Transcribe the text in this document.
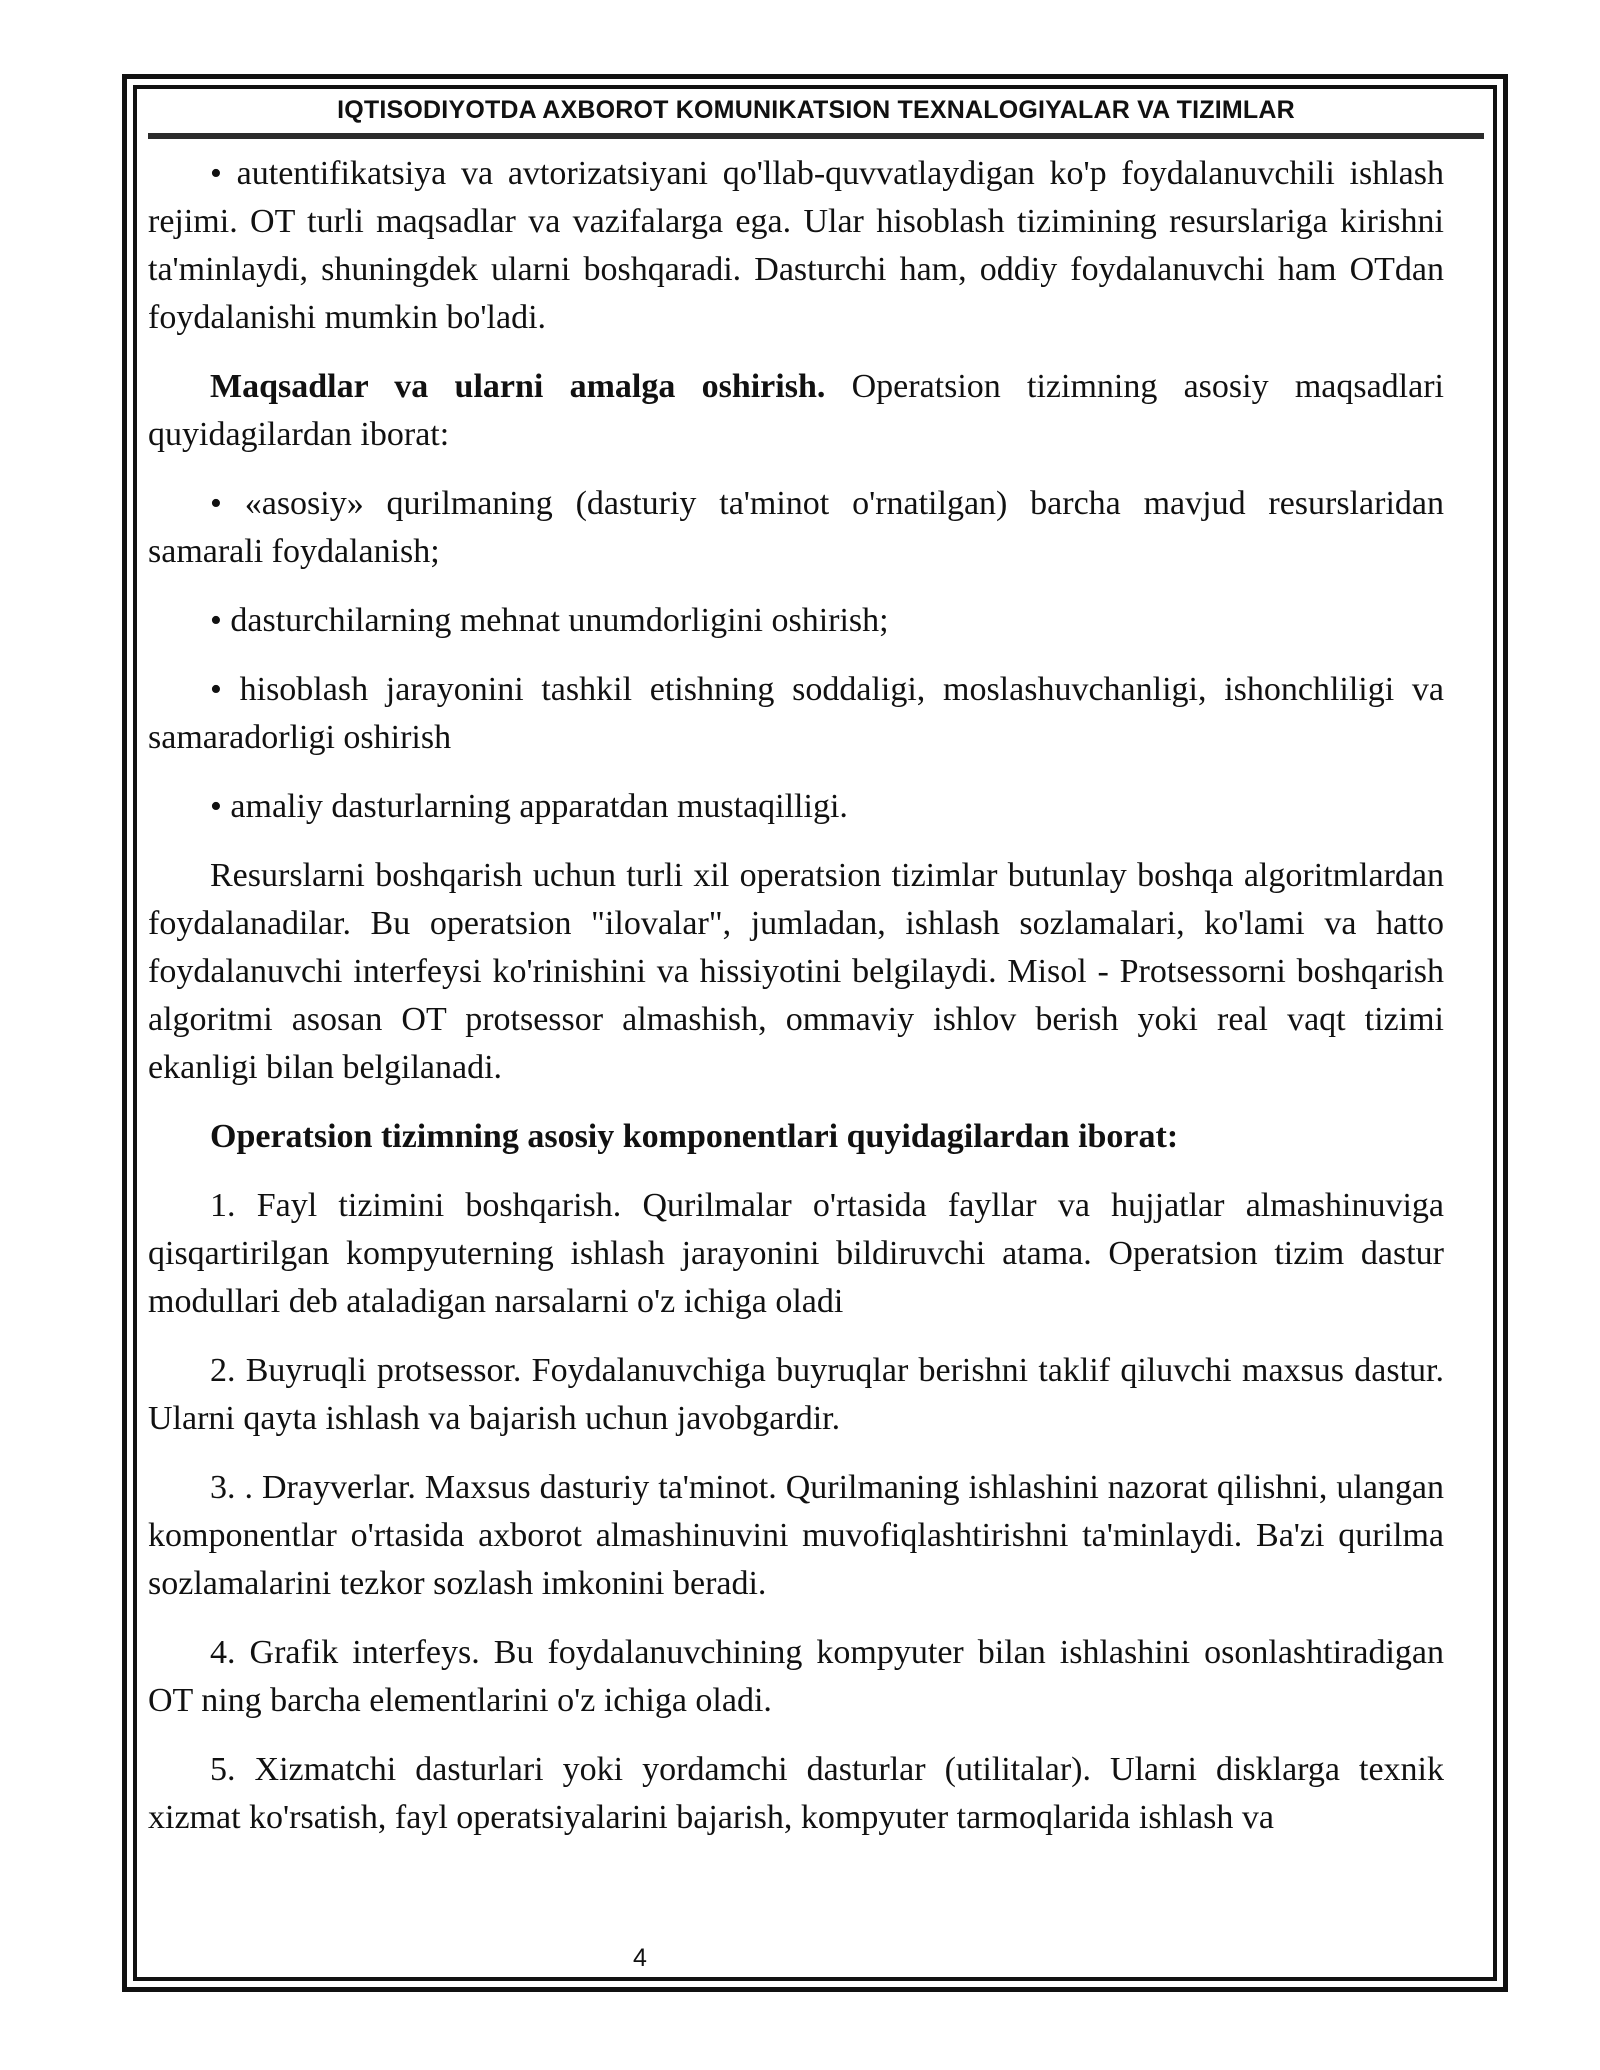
IQTISODIYOTDA AXBOROT KOMUNIKATSION TEXNALOGIYALAR VA TIZIMLAR

• autentifikatsiya va avtorizatsiyani qo'llab-quvvatlaydigan ko'p foydalanuvchili ishlash rejimi. OT turli maqsadlar va vazifalarga ega. Ular hisoblash tizimining resurslariga kirishni ta'minlaydi, shuningdek ularni boshqaradi. Dasturchi ham, oddiy foydalanuvchi ham OTdan foydalanishi mumkin bo'ladi.

Maqsadlar va ularni amalga oshirish. Operatsion tizimning asosiy maqsadlari quyidagilardan iborat:

• «asosiy» qurilmaning (dasturiy ta'minot o'rnatilgan) barcha mavjud resurslaridan samarali foydalanish;

• dasturchilarning mehnat unumdorligini oshirish;

• hisoblash jarayonini tashkil etishning soddaligi, moslashuvchanligi, ishonchliligi va samaradorligi oshirish

• amaliy dasturlarning apparatdan mustaqilligi.

Resurslarni boshqarish uchun turli xil operatsion tizimlar butunlay boshqa algoritmlardan foydalanadilar. Bu operatsion "ilovalar", jumladan, ishlash sozlamalari, ko'lami va hatto foydalanuvchi interfeysi ko'rinishini va hissiyotini belgilaydi. Misol - Protsessorni boshqarish algoritmi asosan OT protsessor almashish, ommaviy ishlov berish yoki real vaqt tizimi ekanligi bilan belgilanadi.

Operatsion tizimning asosiy komponentlari quyidagilardan iborat:

1. Fayl tizimini boshqarish. Qurilmalar o'rtasida fayllar va hujjatlar almashinuviga qisqartirilgan kompyuterning ishlash jarayonini bildiruvchi atama. Operatsion tizim dastur modullari deb ataladigan narsalarni o'z ichiga oladi

2. Buyruqli protsessor. Foydalanuvchiga buyruqlar berishni taklif qiluvchi maxsus dastur. Ularni qayta ishlash va bajarish uchun javobgardir.

3. . Drayverlar. Maxsus dasturiy ta'minot. Qurilmaning ishlashini nazorat qilishni, ulangan komponentlar o'rtasida axborot almashinuvini muvofiqlashtirishni ta'minlaydi. Ba'zi qurilma sozlamalarini tezkor sozlash imkonini beradi.

4. Grafik interfeys. Bu foydalanuvchining kompyuter bilan ishlashini osonlashtiradigan OT ning barcha elementlarini o'z ichiga oladi.

5. Xizmatchi dasturlari yoki yordamchi dasturlar (utilitalar). Ularni disklarga texnik xizmat ko'rsatish, fayl operatsiyalarini bajarish, kompyuter tarmoqlarida ishlash va

4
